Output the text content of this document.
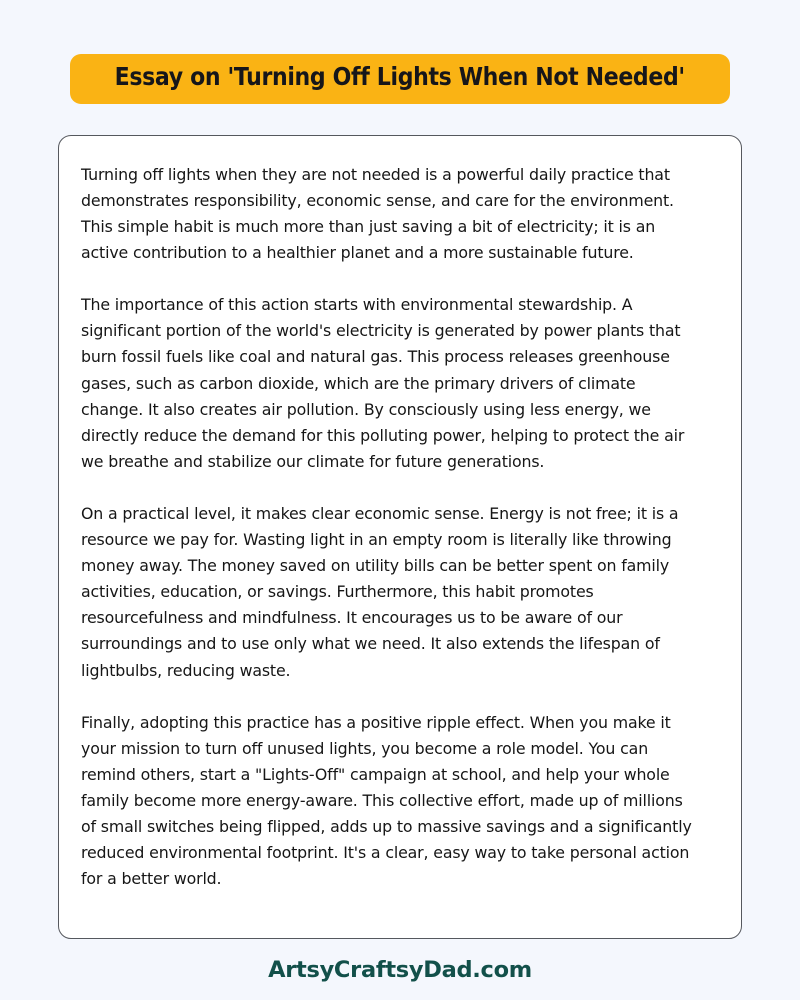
Essay on 'Turning Off Lights When Not Needed'

Turning off lights when they are not needed is a powerful daily practice that demonstrates responsibility, economic sense, and care for the environment. This simple habit is much more than just saving a bit of electricity; it is an active contribution to a healthier planet and a more sustainable future.

The importance of this action starts with environmental stewardship. A significant portion of the world's electricity is generated by power plants that burn fossil fuels like coal and natural gas. This process releases greenhouse gases, such as carbon dioxide, which are the primary drivers of climate change. It also creates air pollution. By consciously using less energy, we directly reduce the demand for this polluting power, helping to protect the air we breathe and stabilize our climate for future generations.

On a practical level, it makes clear economic sense. Energy is not free; it is a resource we pay for. Wasting light in an empty room is literally like throwing money away. The money saved on utility bills can be better spent on family activities, education, or savings. Furthermore, this habit promotes resourcefulness and mindfulness. It encourages us to be aware of our surroundings and to use only what we need. It also extends the lifespan of lightbulbs, reducing waste.

Finally, adopting this practice has a positive ripple effect. When you make it your mission to turn off unused lights, you become a role model. You can remind others, start a "Lights-Off" campaign at school, and help your whole family become more energy-aware. This collective effort, made up of millions of small switches being flipped, adds up to massive savings and a significantly reduced environmental footprint. It's a clear, easy way to take personal action for a better world.

ArtsyCraftsyDad.com
